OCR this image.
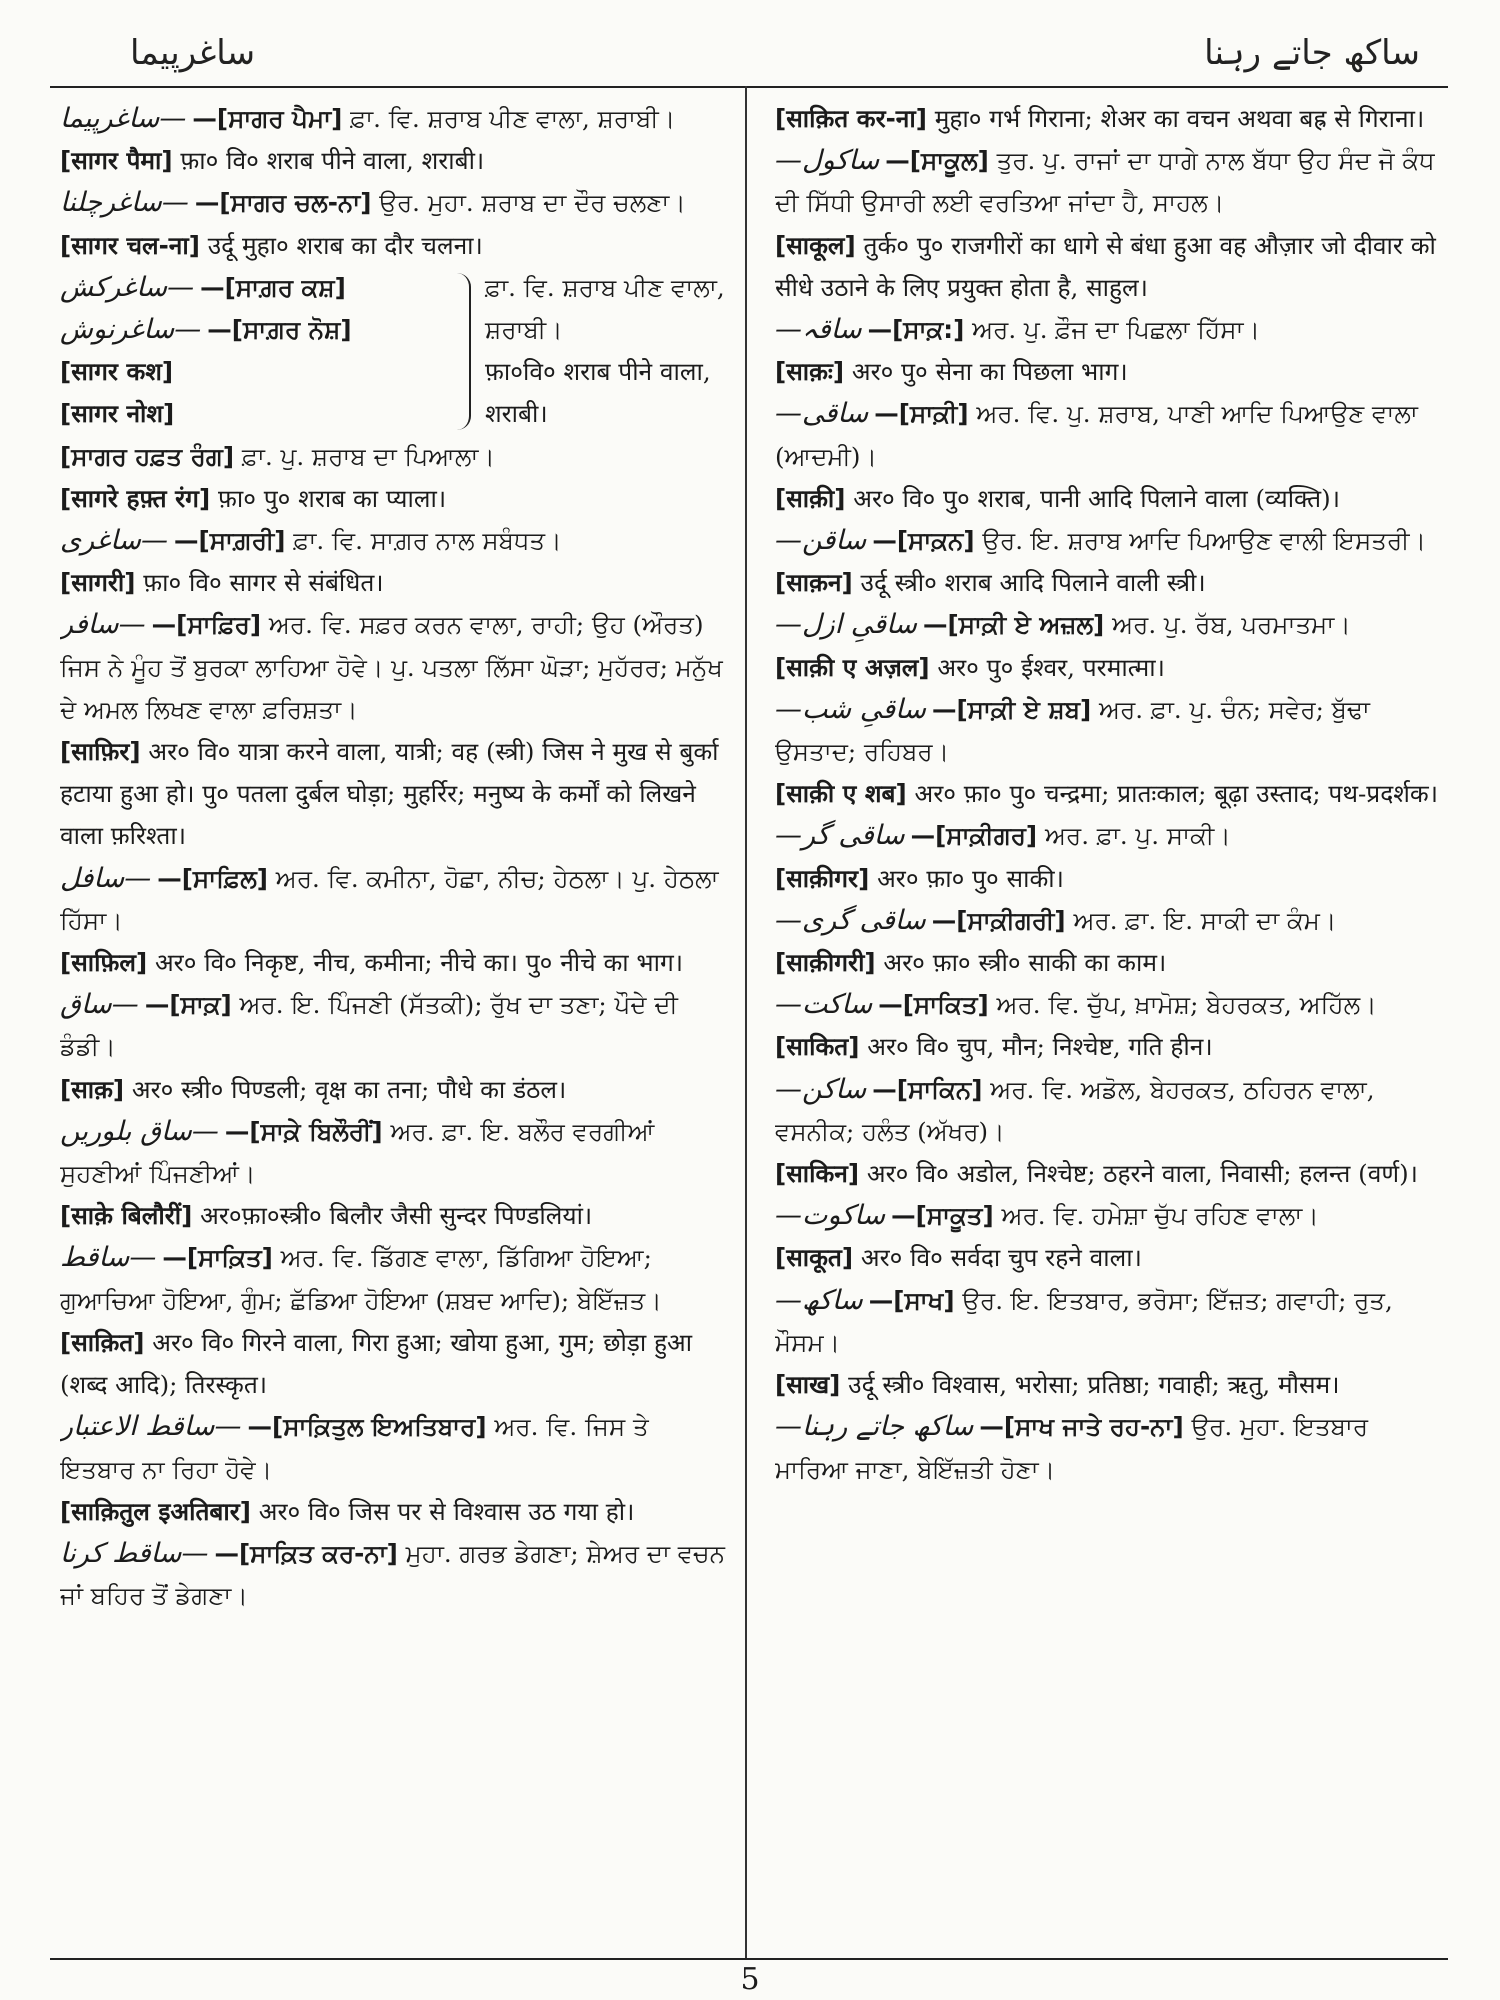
ساغرپیما	ساکھ جاتے رہنا

—ساغرپیما —[ਸਾਗਰ ਪੈਮਾ] ਫ਼ਾ. ਵਿ. ਸ਼ਰਾਬ ਪੀਣ ਵਾਲਾ, ਸ਼ਰਾਬੀ।

[सागर पैमा] फ़ा० वि० शराब पीने वाला, शराबी।

—ساغرچلنا —[ਸਾਗਰ ਚਲ-ਨਾ] ਉਰ. ਮੁਹਾ. ਸ਼ਰਾਬ ਦਾ ਦੌਰ ਚਲਣਾ।

[सागर चल-ना] उर्दू मुहा० शराब का दौर चलना।

—ساغرکش —[ਸਾਗ਼ਰ ਕਸ਼]

—ساغرنوش —[ਸਾਗ਼ਰ ਨੋਸ਼]

[सागर कश]

[सागर नोश]

ਫ਼ਾ. ਵਿ. ਸ਼ਰਾਬ ਪੀਣ ਵਾਲਾ, ਸ਼ਰਾਬੀ।

फ़ा०वि० शराब पीने वाला, शराबी।

[ਸਾਗਰ ਹਫ਼ਤ ਰੰਗ] ਫ਼ਾ. ਪੁ. ਸ਼ਰਾਬ ਦਾ ਪਿਆਲਾ।

[सागरे हफ़्त रंग] फ़ा० पु० शराब का प्याला।

—ساغری —[ਸਾਗ਼ਰੀ] ਫ਼ਾ. ਵਿ. ਸਾਗ਼ਰ ਨਾਲ ਸਬੰਧਤ।

[सागरी] फ़ा० वि० सागर से संबंधित।

—سافر —[ਸਾਫ਼ਿਰ] ਅਰ. ਵਿ. ਸਫ਼ਰ ਕਰਨ ਵਾਲਾ, ਰਾਹੀ; ਉਹ (ਔਰਤ) ਜਿਸ ਨੇ ਮੂੰਹ ਤੋਂ ਬੁਰਕਾ ਲਾਹਿਆ ਹੋਵੇ। ਪੁ. ਪਤਲਾ ਲਿੱਸਾ ਘੋੜਾ; ਮੁਹੱਰਰ; ਮਨੁੱਖ ਦੇ ਅਮਲ ਲਿਖਣ ਵਾਲਾ ਫ਼ਰਿਸ਼ਤਾ।

[साफ़िर] अर० वि० यात्रा करने वाला, यात्री; वह (स्त्री) जिस ने मुख से बुर्का हटाया हुआ हो। पु० पतला दुर्बल घोड़ा; मुहर्रिर; मनुष्य के कर्मों को लिखने वाला फ़रिश्ता।

—سافل —[ਸਾਫ਼ਿਲ] ਅਰ. ਵਿ. ਕਮੀਨਾ, ਹੋਛਾ, ਨੀਚ; ਹੇਠਲਾ। ਪੁ. ਹੇਠਲਾ ਹਿੱਸਾ।

[साफ़िल] अर० वि० निकृष्ट, नीच, कमीना; नीचे का। पु० नीचे का भाग।

—ساق —[ਸਾਕ਼] ਅਰ. ਇ. ਪਿੰਜਣੀ (ਸੱਤਕੀ); ਰੁੱਖ ਦਾ ਤਣਾ; ਪੌਦੇ ਦੀ ਡੰਡੀ।

[साक़] अर० स्त्री० पिण्डली; वृक्ष का तना; पौधे का डंठल।

—ساق بلوریں —[ਸਾਕ਼ੇ ਬਿਲੌਰੀਂ] ਅਰ. ਫ਼ਾ. ਇ. ਬਲੌਰ ਵਰਗੀਆਂ ਸੁਹਣੀਆਂ ਪਿੰਜਣੀਆਂ।

[साक़े बिलौरीं] अर०फ़ा०स्त्री० बिलौर जैसी सुन्दर पिण्डलियां।

—ساقط —[ਸਾਕ਼ਿਤ] ਅਰ. ਵਿ. ਡਿੱਗਣ ਵਾਲਾ, ਡਿੱਗਿਆ ਹੋਇਆ; ਗੁਆਚਿਆ ਹੋਇਆ, ਗੁੰਮ; ਛੱਡਿਆ ਹੋਇਆ (ਸ਼ਬਦ ਆਦਿ); ਬੇਇੱਜ਼ਤ।

[साक़ित] अर० वि० गिरने वाला, गिरा हुआ; खोया हुआ, गुम; छोड़ा हुआ (शब्द आदि); तिरस्कृत।

—ساقط الاعتبار —[ਸਾਕ਼ਿਤੁਲ ਇਅਤਿਬਾਰ] ਅਰ. ਵਿ. ਜਿਸ ਤੇ ਇਤਬਾਰ ਨਾ ਰਿਹਾ ਹੋਵੇ।

[साक़ितुल इअतिबार] अर० वि० जिस पर से विश्वास उठ गया हो।

—ساقط کرنا —[ਸਾਕ਼ਿਤ ਕਰ-ਨਾ] ਮੁਹਾ. ਗਰਭ ਡੇਗਣਾ; ਸ਼ੇਅਰ ਦਾ ਵਚਨ ਜਾਂ ਬਹਿਰ ਤੋਂ ਡੇਗਣਾ।

[साक़ित कर-ना] मुहा० गर्भ गिराना; शेअर का वचन अथवा बह्र से गिराना।

ساکول— —[ਸਾਕੂਲ] ਤੁਰ. ਪੁ. ਰਾਜਾਂ ਦਾ ਧਾਗੇ ਨਾਲ ਬੱਧਾ ਉਹ ਸੰਦ ਜੋ ਕੰਧ ਦੀ ਸਿੱਧੀ ਉਸਾਰੀ ਲਈ ਵਰਤਿਆ ਜਾਂਦਾ ਹੈ, ਸਾਹਲ।

[साकूल] तुर्क० पु० राजगीरों का धागे से बंधा हुआ वह औज़ार जो दीवार को सीधे उठाने के लिए प्रयुक्त होता है, साहुल।

ساقہ— —[ਸਾਕ਼:] ਅਰ. ਪੁ. ਫ਼ੌਜ ਦਾ ਪਿਛਲਾ ਹਿੱਸਾ।

[साक़ः] अर० पु० सेना का पिछला भाग।

ساقی— —[ਸਾਕ਼ੀ] ਅਰ. ਵਿ. ਪੁ. ਸ਼ਰਾਬ, ਪਾਣੀ ਆਦਿ ਪਿਆਉਣ ਵਾਲਾ (ਆਦਮੀ)।

[साक़ी] अर० वि० पु० शराब, पानी आदि पिलाने वाला (व्यक्ति)।

ساقن— —[ਸਾਕ਼ਨ] ਉਰ. ਇ. ਸ਼ਰਾਬ ਆਦਿ ਪਿਆਉਣ ਵਾਲੀ ਇਸਤਰੀ।

[साक़न] उर्दू स्त्री० शराब आदि पिलाने वाली स्त्री।

ساقیِ ازل— —[ਸਾਕ਼ੀ ਏ ਅਜ਼ਲ] ਅਰ. ਪੁ. ਰੱਬ, ਪਰਮਾਤਮਾ।

[साक़ी ए अज़ल] अर० पु० ईश्वर, परमात्मा।

ساقیِ شب— —[ਸਾਕ਼ੀ ਏ ਸ਼ਬ] ਅਰ. ਫ਼ਾ. ਪੁ. ਚੰਨ; ਸਵੇਰ; ਬੁੱਢਾ ਉਸਤਾਦ; ਰਹਿਬਰ।

[साक़ी ए शब] अर० फ़ा० पु० चन्द्रमा; प्रातःकाल; बूढ़ा उस्ताद; पथ-प्रदर्शक।

ساقی گر— —[ਸਾਕ਼ੀਗਰ] ਅਰ. ਫ਼ਾ. ਪੁ. ਸਾਕੀ।

[साक़ीगर] अर० फ़ा० पु० साकी।

ساقی گری— —[ਸਾਕ਼ੀਗਰੀ] ਅਰ. ਫ਼ਾ. ਇ. ਸਾਕੀ ਦਾ ਕੰਮ।

[साक़ीगरी] अर० फ़ा० स्त्री० साकी का काम।

ساکت— —[ਸਾਕਿਤ] ਅਰ. ਵਿ. ਚੁੱਪ, ਖ਼ਾਮੋਸ਼; ਬੇਹਰਕਤ, ਅਹਿੱਲ।

[साकित] अर० वि० चुप, मौन; निश्चेष्ट, गति हीन।

ساکن— —[ਸਾਕਿਨ] ਅਰ. ਵਿ. ਅਡੋਲ, ਬੇਹਰਕਤ, ਠਹਿਰਨ ਵਾਲਾ, ਵਸਨੀਕ; ਹਲੰਤ (ਅੱਖਰ)।

[साकिन] अर० वि० अडोल, निश्चेष्ट; ठहरने वाला, निवासी; हलन्त (वर्ण)।

ساکوت— —[ਸਾਕੂਤ] ਅਰ. ਵਿ. ਹਮੇਸ਼ਾ ਚੁੱਪ ਰਹਿਣ ਵਾਲਾ।

[साकूत] अर० वि० सर्वदा चुप रहने वाला।

ساکھ— —[ਸਾਖ] ਉਰ. ਇ. ਇਤਬਾਰ, ਭਰੋਸਾ; ਇੱਜ਼ਤ; ਗਵਾਹੀ; ਰੁਤ, ਮੌਸਮ।

[साख] उर्दू स्त्री० विश्वास, भरोसा; प्रतिष्ठा; गवाही; ऋतु, मौसम।

ساکھ جاتے رہنا— —[ਸਾਖ ਜਾਤੇ ਰਹ-ਨਾ] ਉਰ. ਮੁਹਾ. ਇਤਬਾਰ ਮਾਰਿਆ ਜਾਣਾ, ਬੇਇੱਜ਼ਤੀ ਹੋਣਾ।

5
